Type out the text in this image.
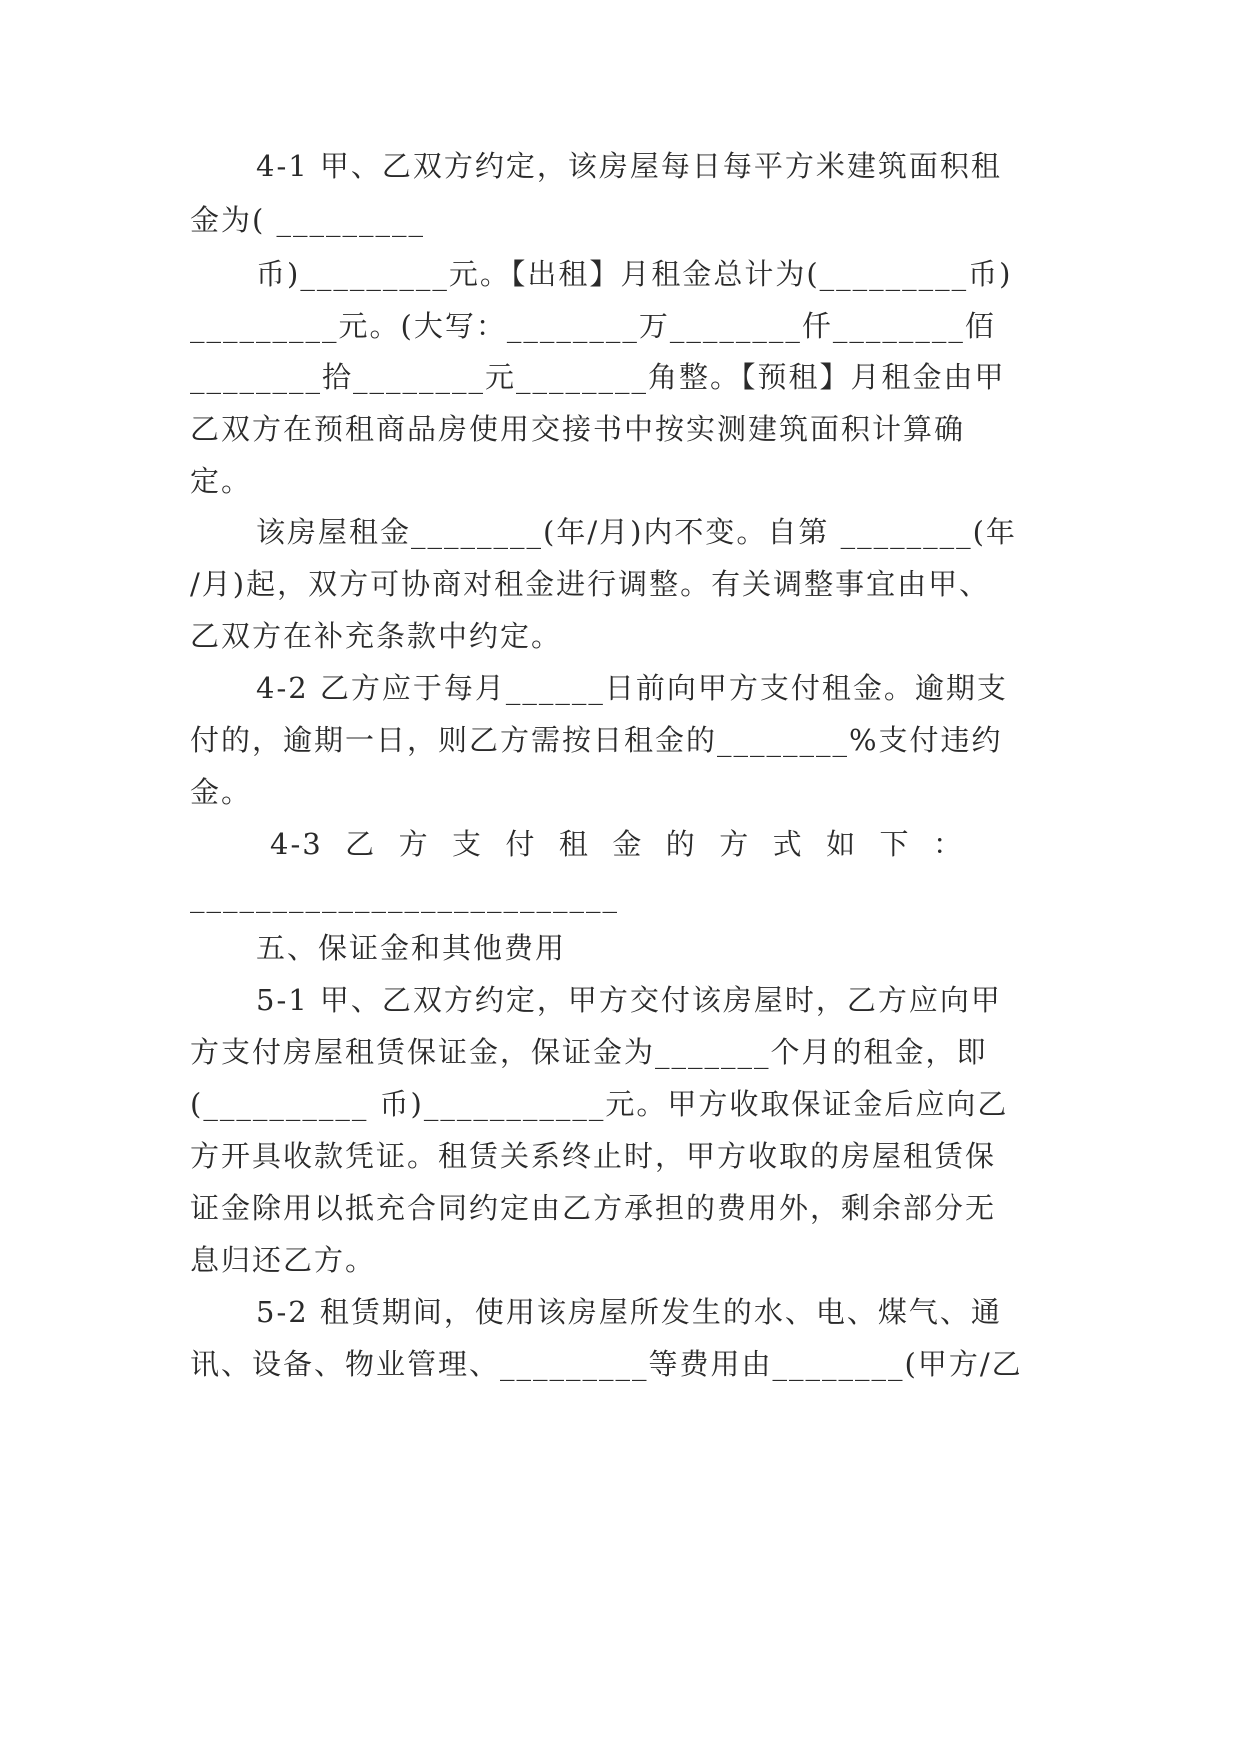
4-1 甲、乙双方约定，该房屋每日每平方米建筑面积租
金为( _________
币)_________元。【出租】月租金总计为(_________币)
_________元。(大写：________万________仟________佰
________拾________元________角整。【预租】月租金由甲
乙双方在预租商品房使用交接书中按实测建筑面积计算确
定。
该房屋租金________(年/月)内不变。自第 ________(年
/月)起，双方可协商对租金进行调整。有关调整事宜由甲、
乙双方在补充条款中约定。
4-2 乙方应于每月______日前向甲方支付租金。逾期支
付的，逾期一日，则乙方需按日租金的________%支付违约
金。
4-3  乙  方  支  付  租  金  的  方  式  如  下  ：
__________________________
五、保证金和其他费用
5-1 甲、乙双方约定，甲方交付该房屋时，乙方应向甲
方支付房屋租赁保证金，保证金为_______个月的租金，即
(__________ 币)___________元。甲方收取保证金后应向乙
方开具收款凭证。租赁关系终止时，甲方收取的房屋租赁保
证金除用以抵充合同约定由乙方承担的费用外，剩余部分无
息归还乙方。
5-2 租赁期间，使用该房屋所发生的水、电、煤气、通
讯、设备、物业管理、_________等费用由________(甲方/乙
